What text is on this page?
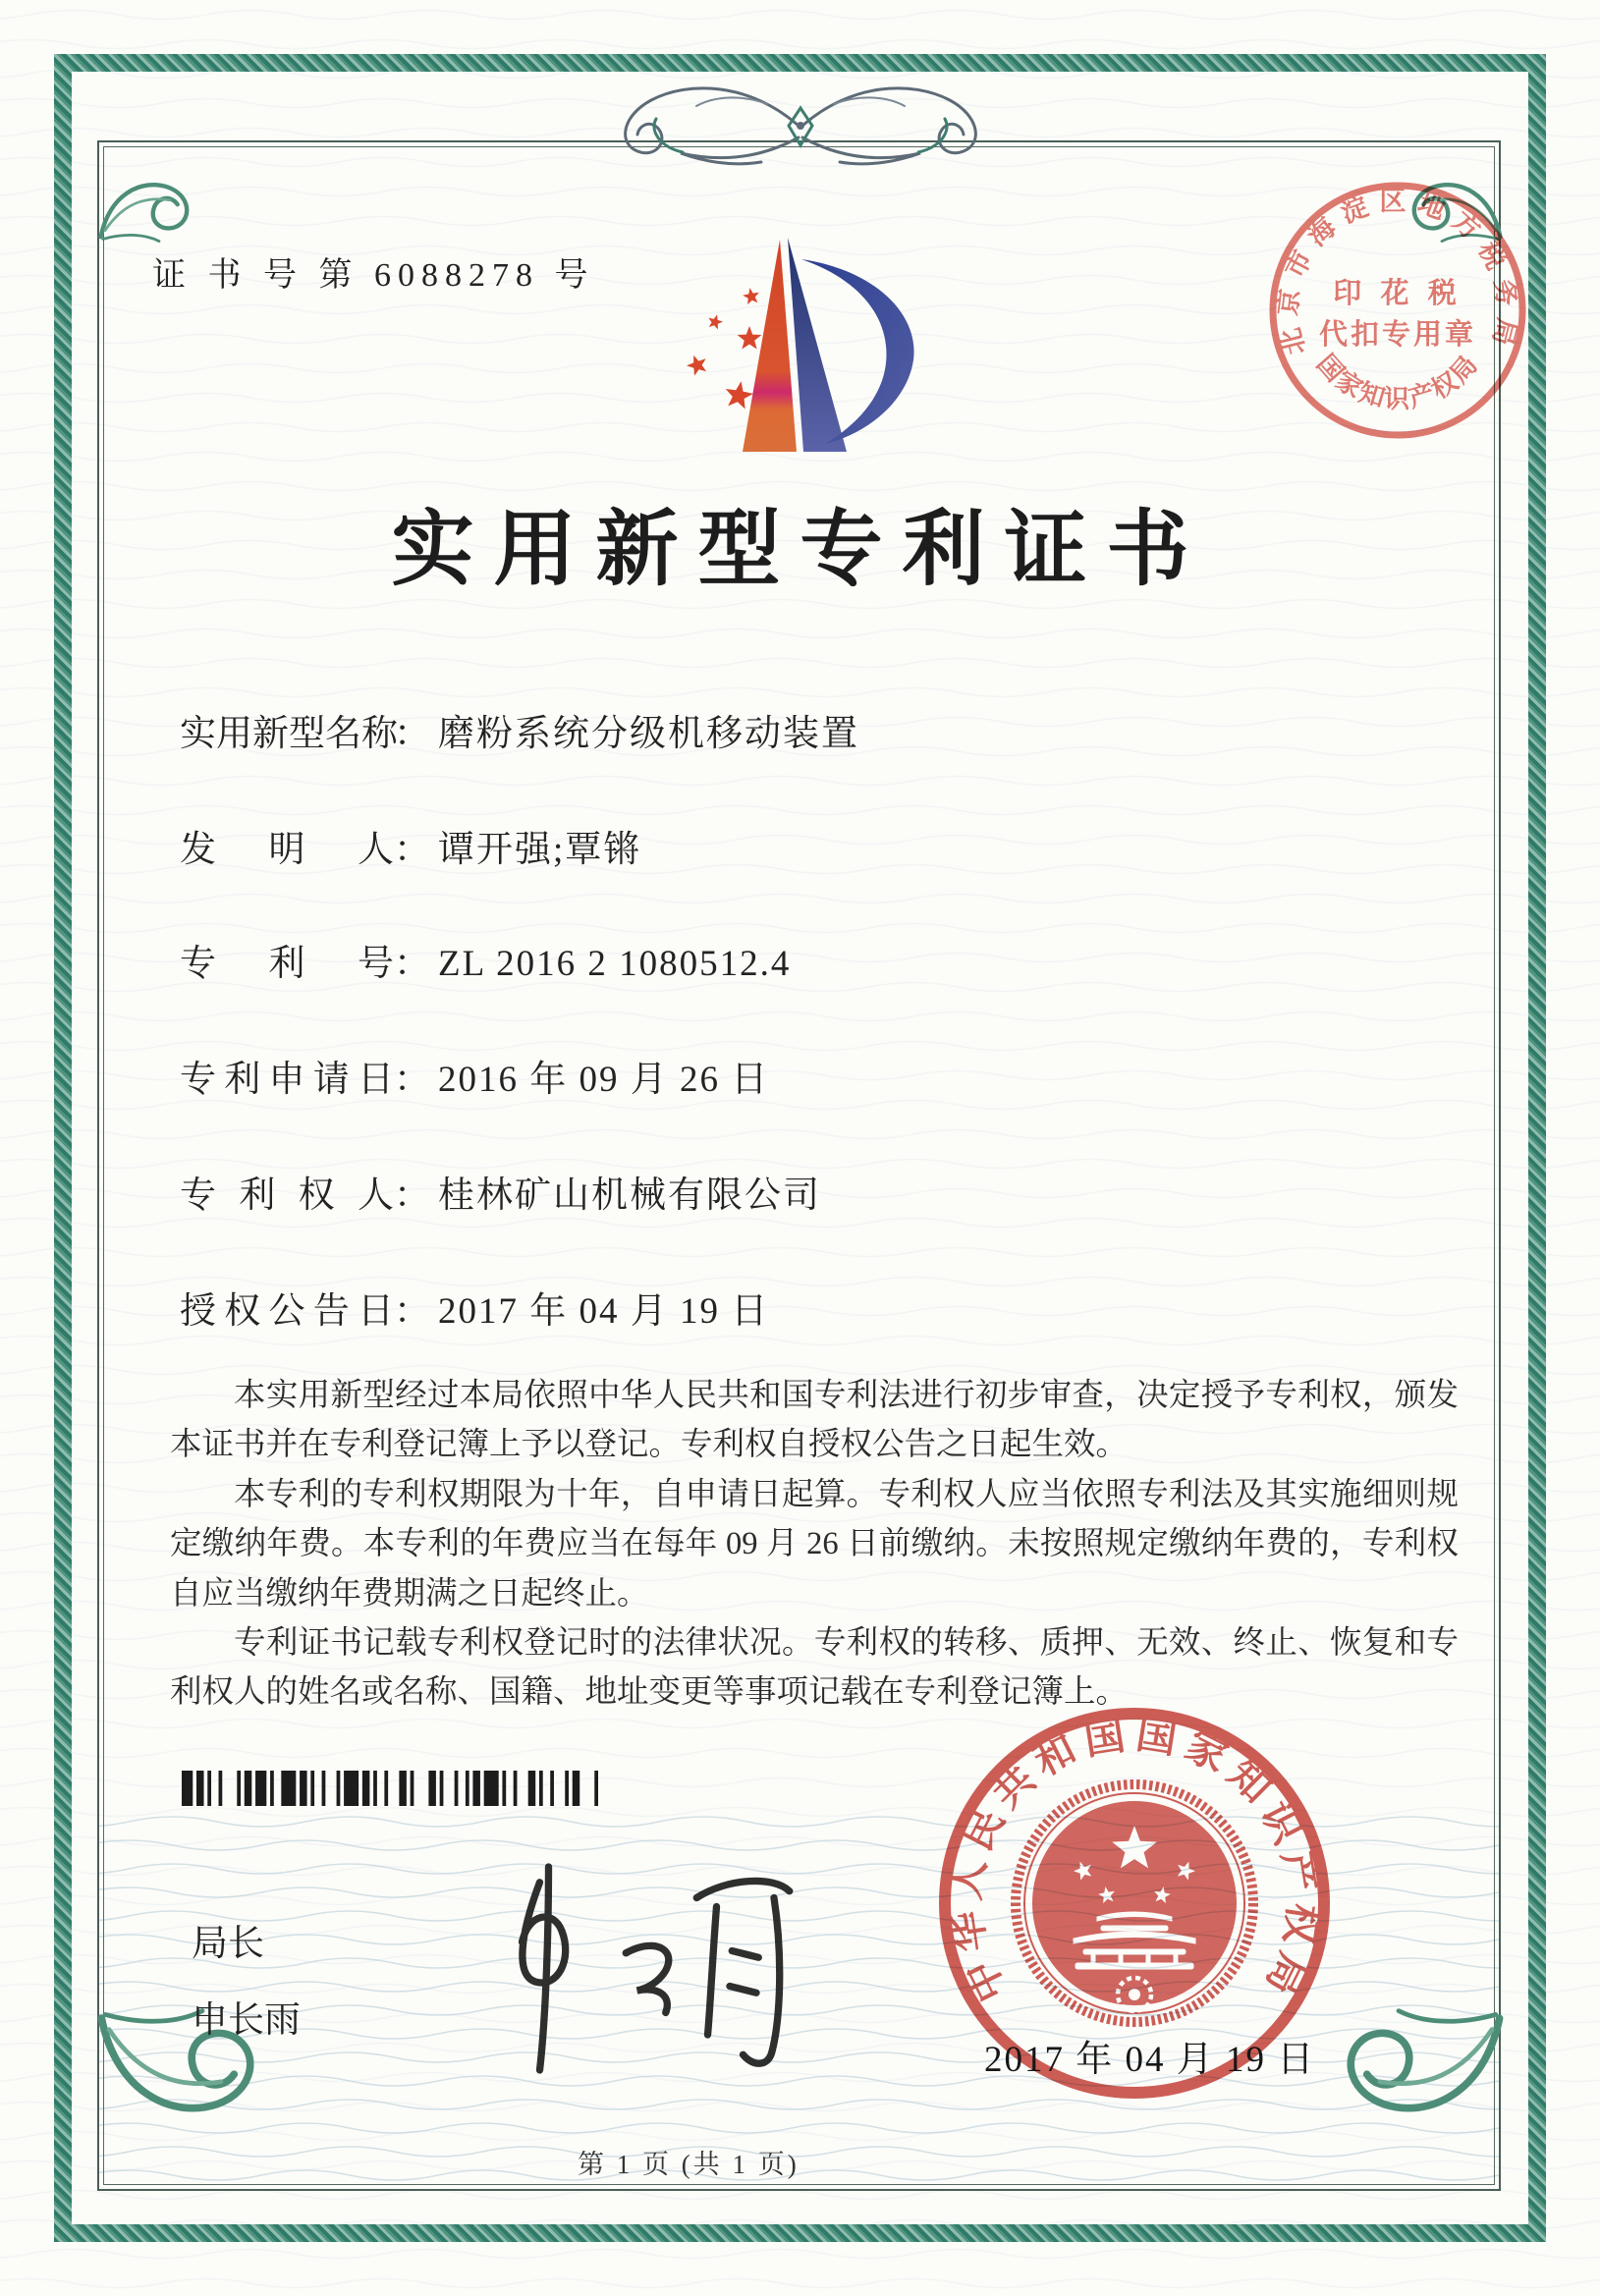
证 书 号 第 6088278 号
北京市海淀区地方税务局
国家知识产权局
印 花 税
代扣专用章
实用新型专利证书
实用新型名称： 磨粉系统分级机移动装置
发明人： 谭开强;覃锵
专利号： ZL 2016 2 1080512.4
专利申请日： 2016 年 09 月 26 日
专利权人： 桂林矿山机械有限公司
授权公告日： 2017 年 04 月 19 日

本实用新型经过本局依照中华人民共和国专利法进行初步审查，决定授予专利权，颁发本证书并在专利登记簿上予以登记。专利权自授权公告之日起生效。

本专利的专利权期限为十年，自申请日起算。专利权人应当依照专利法及其实施细则规定缴纳年费。本专利的年费应当在每年 09 月 26 日前缴纳。未按照规定缴纳年费的，专利权自应当缴纳年费期满之日起终止。

专利证书记载专利权登记时的法律状况。专利权的转移、质押、无效、终止、恢复和专利权人的姓名或名称、国籍、地址变更等事项记载在专利登记簿上。

局长
申长雨
中华人民共和国国家知识产权局
2017 年 04 月 19 日
第 1 页 (共 1 页)
